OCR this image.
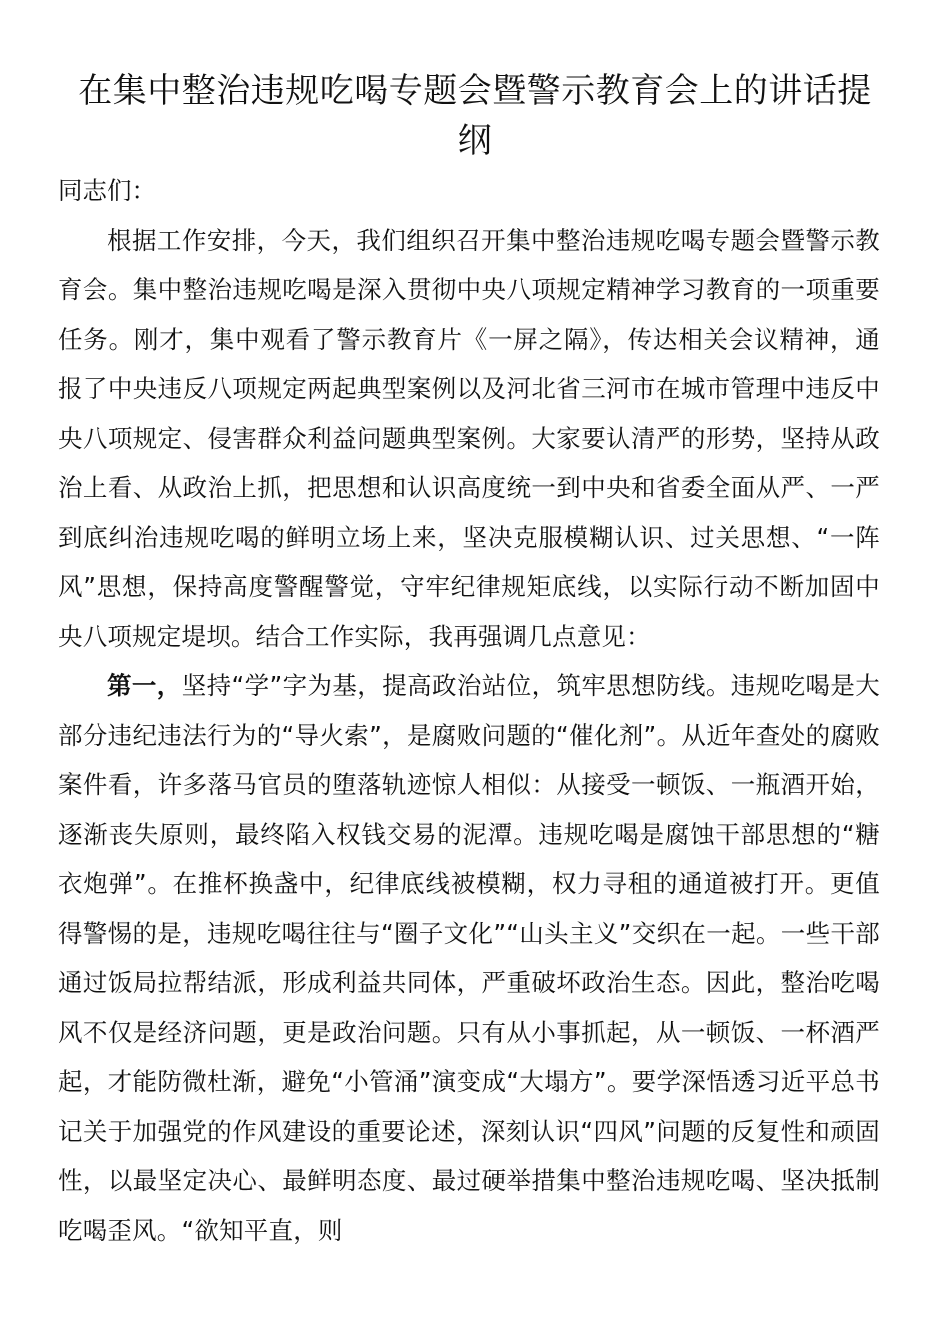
在集中整治违规吃喝专题会暨警示教育会上的讲话提纲

同志们：

根据工作安排，今天，我们组织召开集中整治违规吃喝专题会暨警示教育会。集中整治违规吃喝是深入贯彻中央八项规定精神学习教育的一项重要任务。刚才，集中观看了警示教育片《一屏之隔》，传达相关会议精神，通报了中央违反八项规定两起典型案例以及河北省三河市在城市管理中违反中央八项规定、侵害群众利益问题典型案例。大家要认清严的形势，坚持从政治上看、从政治上抓，把思想和认识高度统一到中央和省委全面从严、一严到底纠治违规吃喝的鲜明立场上来，坚决克服模糊认识、过关思想、“一阵风”思想，保持高度警醒警觉，守牢纪律规矩底线，以实际行动不断加固中央八项规定堤坝。结合工作实际，我再强调几点意见：

第一，坚持“学”字为基，提高政治站位，筑牢思想防线。违规吃喝是大部分违纪违法行为的“导火索”，是腐败问题的“催化剂”。从近年查处的腐败案件看，许多落马官员的堕落轨迹惊人相似：从接受一顿饭、一瓶酒开始，逐渐丧失原则，最终陷入权钱交易的泥潭。违规吃喝是腐蚀干部思想的“糖衣炮弹”。在推杯换盏中，纪律底线被模糊，权力寻租的通道被打开。更值得警惕的是，违规吃喝往往与“圈子文化”“山头主义”交织在一起。一些干部通过饭局拉帮结派，形成利益共同体，严重破坏政治生态。因此，整治吃喝风不仅是经济问题，更是政治问题。只有从小事抓起，从一顿饭、一杯酒严起，才能防微杜渐，避免“小管涌”演变成“大塌方”。要学深悟透习近平总书记关于加强党的作风建设的重要论述，深刻认识“四风”问题的反复性和顽固性，以最坚定决心、最鲜明态度、最过硬举措集中整治违规吃喝、坚决抵制吃喝歪风。“欲知平直，则
